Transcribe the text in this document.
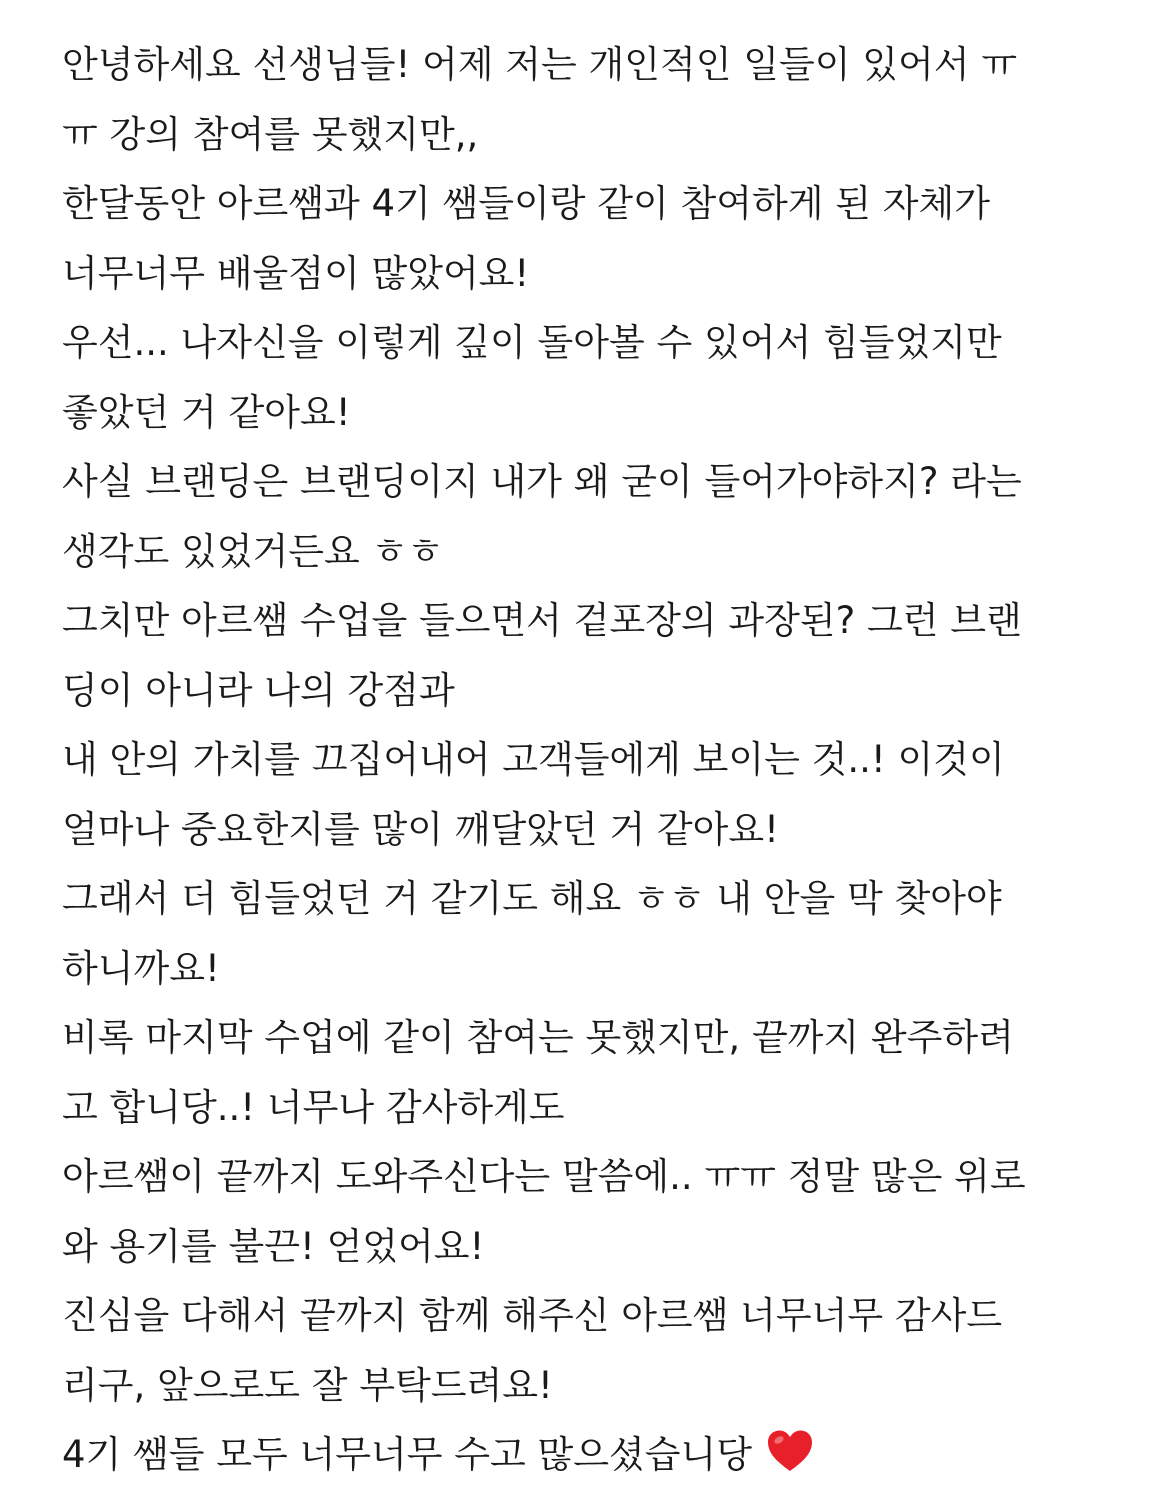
안녕하세요 선생님들! 어제 저는 개인적인 일들이 있어서 ㅠ
ㅠ 강의 참여를 못했지만,,
한달동안 아르쌤과 4기 쌤들이랑 같이 참여하게 된 자체가
너무너무 배울점이 많았어요!
우선... 나자신을 이렇게 깊이 돌아볼 수 있어서 힘들었지만
좋았던 거 같아요!
사실 브랜딩은 브랜딩이지 내가 왜 굳이 들어가야하지? 라는
생각도 있었거든요 ㅎㅎ
그치만 아르쌤 수업을 들으면서 겉포장의 과장된? 그런 브랜
딩이 아니라 나의 강점과
내 안의 가치를 끄집어내어 고객들에게 보이는 것..! 이것이
얼마나 중요한지를 많이 깨달았던 거 같아요!
그래서 더 힘들었던 거 같기도 해요 ㅎㅎ 내 안을 막 찾아야
하니까요!
비록 마지막 수업에 같이 참여는 못했지만, 끝까지 완주하려
고 합니당..! 너무나 감사하게도
아르쌤이 끝까지 도와주신다는 말씀에.. ㅠㅠ 정말 많은 위로
와 용기를 불끈! 얻었어요!
진심을 다해서 끝까지 함께 해주신 아르쌤 너무너무 감사드
리구, 앞으로도 잘 부탁드려요!
4기 쌤들 모두 너무너무 수고 많으셨습니당
